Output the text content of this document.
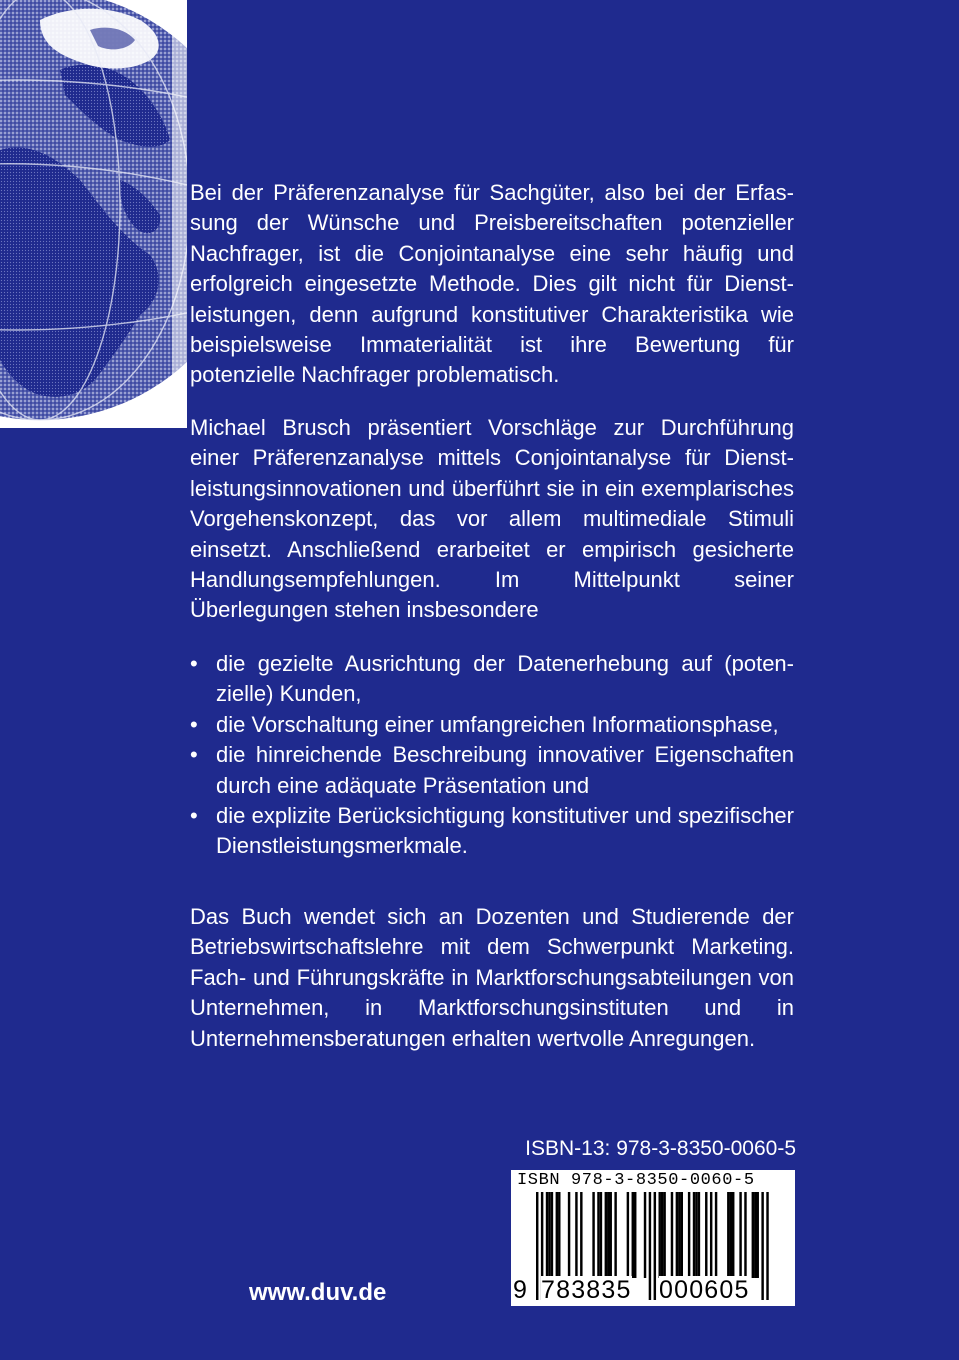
Bei der Präferenzanalyse für Sachgüter, also bei der Erfassung der Wünsche und Preisbereitschaften potenzieller Nachfrager, ist die Conjointanalyse eine sehr häufig und erfolgreich eingesetzte Methode. Dies gilt nicht für Dienstleistungen, denn aufgrund konstitutiver Charakteristika wie beispielsweise Immaterialität ist ihre Bewertung für potenzielle Nachfrager problematisch.

Michael Brusch präsentiert Vorschläge zur Durchführung einer Präferenzanalyse mittels Conjointanalyse für Dienstleistungsinnovationen und überführt sie in ein exemplarisches Vorgehenskonzept, das vor allem multimediale Stimuli einsetzt. Anschließend erarbeitet er empirisch gesicherte Handlungsempfehlungen. Im Mittelpunkt seiner Überlegungen stehen insbesondere

• die gezielte Ausrichtung der Datenerhebung auf (potenzielle) Kunden,
• die Vorschaltung einer umfangreichen Informationsphase,
• die hinreichende Beschreibung innovativer Eigenschaften durch eine adäquate Präsentation und
• die explizite Berücksichtigung konstitutiver und spezifischer Dienstleistungsmerkmale.

Das Buch wendet sich an Dozenten und Studierende der Betriebswirtschaftslehre mit dem Schwerpunkt Marketing. Fach- und Führungskräfte in Marktforschungsabteilungen von Unternehmen, in Marktforschungsinstituten und in Unternehmensberatungen erhalten wertvolle Anregungen.

ISBN-13: 978-3-8350-0060-5
ISBN 978-3-8350-0060-5
9 783835 000605
www.duv.de
